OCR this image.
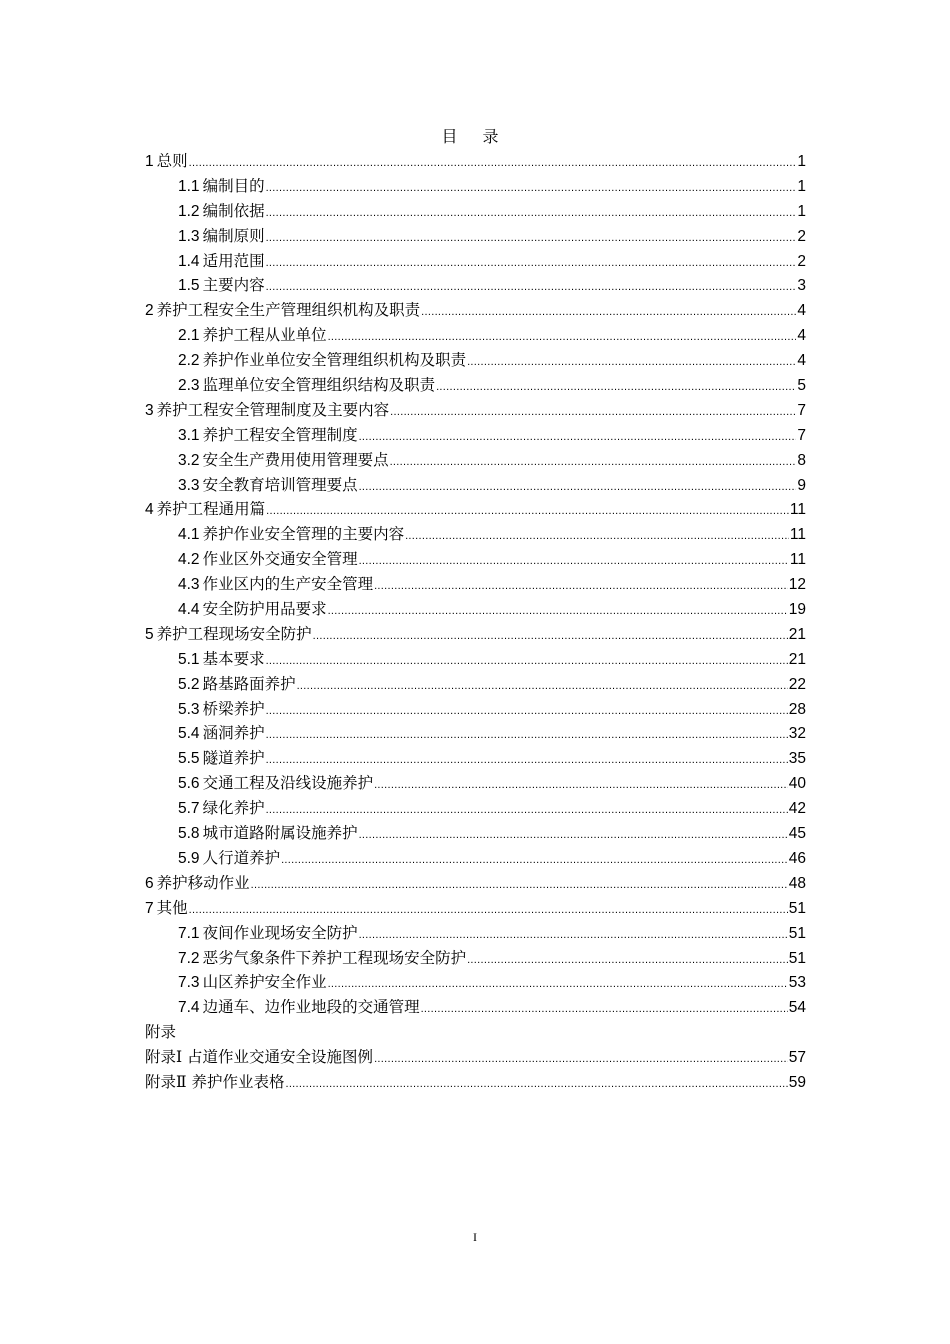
目 录
1 总则 .....	1
1.1 编制目的 .....	1
1.2 编制依据 .....	1
1.3 编制原则 .....	2
1.4 适用范围 .....	2
1.5 主要内容 .....	3
2 养护工程安全生产管理组织机构及职责 .....	4
2.1 养护工程从业单位 .....	4
2.2 养护作业单位安全管理组织机构及职责 .....	4
2.3 监理单位安全管理组织结构及职责 .....	5
3 养护工程安全管理制度及主要内容 .....	7
3.1 养护工程安全管理制度 .....	7
3.2 安全生产费用使用管理要点 .....	8
3.3 安全教育培训管理要点 .....	9
4 养护工程通用篇 .....	11
4.1 养护作业安全管理的主要内容 .....	11
4.2 作业区外交通安全管理 .....	11
4.3 作业区内的生产安全管理 .....	12
4.4 安全防护用品要求 .....	19
5 养护工程现场安全防护 .....	21
5.1 基本要求 .....	21
5.2 路基路面养护 .....	22
5.3 桥梁养护 .....	28
5.4 涵洞养护 .....	32
5.5 隧道养护 .....	35
5.6 交通工程及沿线设施养护 .....	40
5.7 绿化养护 .....	42
5.8 城市道路附属设施养护 .....	45
5.9 人行道养护 .....	46
6 养护移动作业 .....	48
7 其他 .....	51
7.1 夜间作业现场安全防护 .....	51
7.2 恶劣气象条件下养护工程现场安全防护 .....	51
7.3 山区养护安全作业 .....	53
7.4 边通车、边作业地段的交通管理 .....	54
附录
附录Ⅰ 占道作业交通安全设施图例 .....	57
附录Ⅱ 养护作业表格 .....	59
I
